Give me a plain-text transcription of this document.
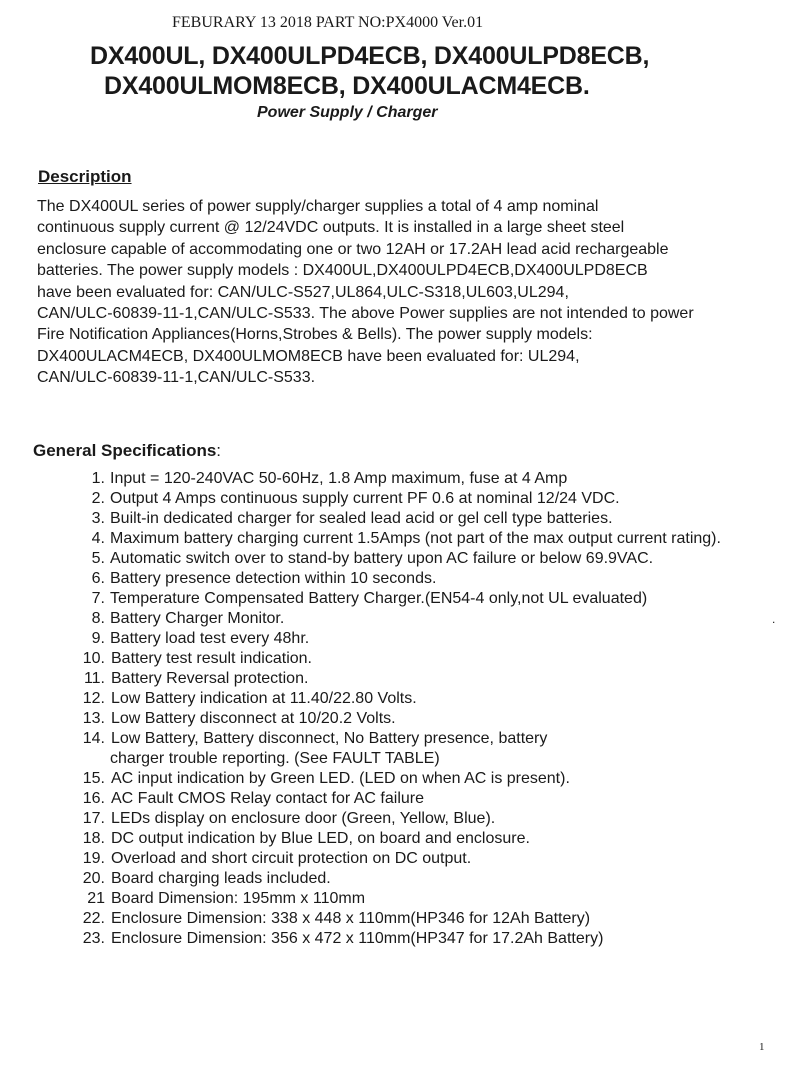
FEBURARY 13 2018 PART NO:PX4000 Ver.01
DX400UL, DX400ULPD4ECB, DX400ULPD8ECB,
DX400ULMOM8ECB, DX400ULACM4ECB.
Power Supply / Charger
Description
The DX400UL series of power supply/charger supplies a total of 4 amp nominal
continuous supply current @ 12/24VDC outputs. It is installed in a large sheet steel
enclosure capable of accommodating one or two 12AH or 17.2AH lead acid rechargeable
batteries. The power supply models : DX400UL,DX400ULPD4ECB,DX400ULPD8ECB
have been evaluated for: CAN/ULC-S527,UL864,ULC-S318,UL603,UL294,
CAN/ULC-60839-11-1,CAN/ULC-S533. The above Power supplies are not intended to power
Fire Notification Appliances(Horns,Strobes & Bells). The power supply models:
DX400ULACM4ECB, DX400ULMOM8ECB have been evaluated for: UL294,
CAN/ULC-60839-11-1,CAN/ULC-S533.
General Specifications:
1. Input = 120-240VAC 50-60Hz, 1.8 Amp maximum, fuse at 4 Amp
2. Output 4 Amps continuous supply current PF 0.6 at nominal 12/24 VDC.
3. Built-in dedicated charger for sealed lead acid or gel cell type batteries.
4. Maximum battery charging current 1.5Amps (not part of the max output current rating).
5. Automatic switch over to stand-by battery upon AC failure or below 69.9VAC.
6. Battery presence detection within 10 seconds.
7. Temperature Compensated Battery Charger.(EN54-4 only,not UL evaluated)
8. Battery Charger Monitor.
9. Battery load test every 48hr.
10. Battery test result indication.
11. Battery Reversal protection.
12. Low Battery indication at 11.40/22.80 Volts.
13. Low Battery disconnect at 10/20.2 Volts.
14. Low Battery, Battery disconnect, No Battery presence, battery
charger trouble reporting. (See FAULT TABLE)
15. AC input indication by Green LED. (LED on when AC is present).
16. AC Fault CMOS Relay contact for AC failure
17. LEDs display on enclosure door (Green, Yellow, Blue).
18. DC output indication by Blue LED, on board and enclosure.
19. Overload and short circuit protection on DC output.
20. Board charging leads included.
21 Board Dimension: 195mm x 110mm
22. Enclosure Dimension: 338 x 448 x 110mm(HP346 for 12Ah Battery)
23. Enclosure Dimension: 356 x 472 x 110mm(HP347 for 17.2Ah Battery)
.
1
